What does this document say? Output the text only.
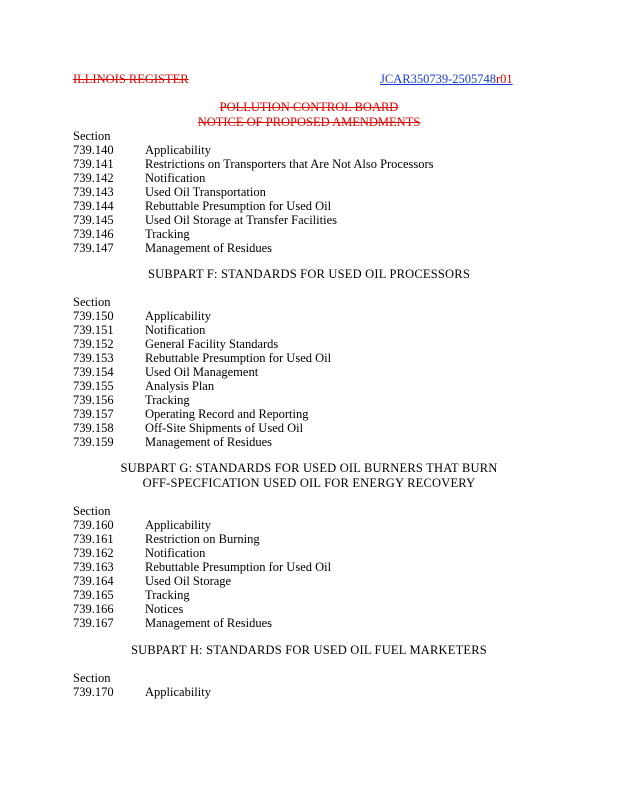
ILLINOIS REGISTER	JCAR350739-2505748r01
POLLUTION CONTROL BOARD
NOTICE OF PROPOSED AMENDMENTS
Section
739.140	Applicability
739.141	Restrictions on Transporters that Are Not Also Processors
739.142	Notification
739.143	Used Oil Transportation
739.144	Rebuttable Presumption for Used Oil
739.145	Used Oil Storage at Transfer Facilities
739.146	Tracking
739.147	Management of Residues
SUBPART F: STANDARDS FOR USED OIL PROCESSORS
Section
739.150	Applicability
739.151	Notification
739.152	General Facility Standards
739.153	Rebuttable Presumption for Used Oil
739.154	Used Oil Management
739.155	Analysis Plan
739.156	Tracking
739.157	Operating Record and Reporting
739.158	Off-Site Shipments of Used Oil
739.159	Management of Residues
SUBPART G: STANDARDS FOR USED OIL BURNERS THAT BURN
OFF-SPECFICATION USED OIL FOR ENERGY RECOVERY
Section
739.160	Applicability
739.161	Restriction on Burning
739.162	Notification
739.163	Rebuttable Presumption for Used Oil
739.164	Used Oil Storage
739.165	Tracking
739.166	Notices
739.167	Management of Residues
SUBPART H: STANDARDS FOR USED OIL FUEL MARKETERS
Section
739.170	Applicability
